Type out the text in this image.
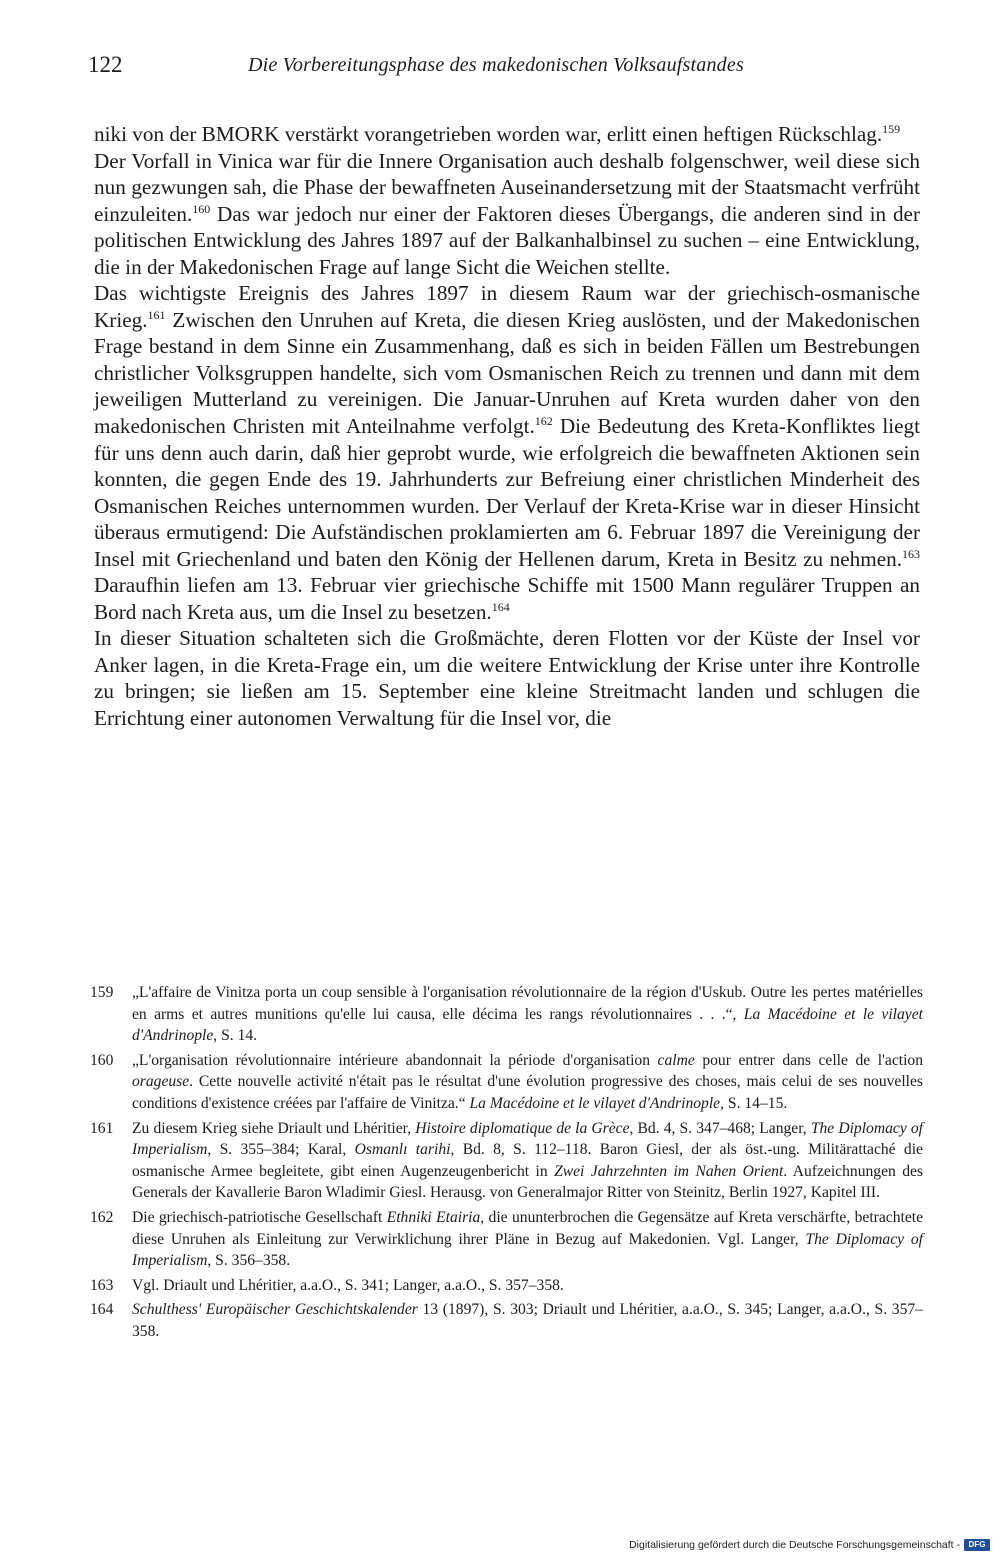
122	Die Vorbereitungsphase des makedonischen Volksaufstandes

niki von der BMORK verstärkt vorangetrieben worden war, erlitt einen heftigen Rückschlag.$^{159}$

Der Vorfall in Vinica war für die Innere Organisation auch deshalb folgenschwer, weil diese sich nun gezwungen sah, die Phase der bewaffneten Auseinandersetzung mit der Staatsmacht verfrüht einzuleiten.$^{160}$ Das war jedoch nur einer der Faktoren dieses Übergangs, die anderen sind in der politischen Entwicklung des Jahres 1897 auf der Balkanhalbinsel zu suchen – eine Entwicklung, die in der Makedonischen Frage auf lange Sicht die Weichen stellte.

Das wichtigste Ereignis des Jahres 1897 in diesem Raum war der griechisch-osmanische Krieg.$^{161}$ Zwischen den Unruhen auf Kreta, die diesen Krieg auslösten, und der Makedonischen Frage bestand in dem Sinne ein Zusammenhang, daß es sich in beiden Fällen um Bestrebungen christlicher Volksgruppen handelte, sich vom Osmanischen Reich zu trennen und dann mit dem jeweiligen Mutterland zu vereinigen. Die Januar-Unruhen auf Kreta wurden daher von den makedonischen Christen mit Anteilnahme verfolgt.$^{162}$ Die Bedeutung des Kreta-Konfliktes liegt für uns denn auch darin, daß hier geprobt wurde, wie erfolgreich die bewaffneten Aktionen sein konnten, die gegen Ende des 19. Jahrhunderts zur Befreiung einer christlichen Minderheit des Osmanischen Reiches unternommen wurden. Der Verlauf der Kreta-Krise war in dieser Hinsicht überaus ermutigend: Die Aufständischen proklamierten am 6. Februar 1897 die Vereinigung der Insel mit Griechenland und baten den König der Hellenen darum, Kreta in Besitz zu nehmen.$^{163}$ Daraufhin liefen am 13. Februar vier griechische Schiffe mit 1500 Mann regulärer Truppen an Bord nach Kreta aus, um die Insel zu besetzen.$^{164}$

In dieser Situation schalteten sich die Großmächte, deren Flotten vor der Küste der Insel vor Anker lagen, in die Kreta-Frage ein, um die weitere Entwicklung der Krise unter ihre Kontrolle zu bringen; sie ließen am 15. September eine kleine Streitmacht landen und schlugen die Errichtung einer autonomen Verwaltung für die Insel vor, die

159 „L'affaire de Vinitza porta un coup sensible à l'organisation révolutionnaire de la région d'Uskub. Outre les pertes matérielles en arms et autres munitions qu'elle lui causa, elle décima les rangs révolutionnaires . . .“, La Macédoine et le vilayet d'Andrinople, S. 14.
160 „L'organisation révolutionnaire intérieure abandonnait la période d'organisation calme pour entrer dans celle de l'action orageuse. Cette nouvelle activité n'était pas le résultat d'une évolution progressive des choses, mais celui de ses nouvelles conditions d'existence créées par l'affaire de Vinitza.“ La Macédoine et le vilayet d'Andrinople, S. 14–15.
161 Zu diesem Krieg siehe Driault und Lhéritier, Histoire diplomatique de la Grèce, Bd. 4, S. 347–468; Langer, The Diplomacy of Imperialism, S. 355–384; Karal, Osmanlı tarihi, Bd. 8, S. 112–118. Baron Giesl, der als öst.-ung. Militärattaché die osmanische Armee begleitete, gibt einen Augenzeugenbericht in Zwei Jahrzehnten im Nahen Orient. Aufzeichnungen des Generals der Kavallerie Baron Wladimir Giesl. Herausg. von Generalmajor Ritter von Steinitz, Berlin 1927, Kapitel III.
162 Die griechisch-patriotische Gesellschaft Ethniki Etairia, die ununterbrochen die Gegensätze auf Kreta verschärfte, betrachtete diese Unruhen als Einleitung zur Verwirklichung ihrer Pläne in Bezug auf Makedonien. Vgl. Langer, The Diplomacy of Imperialism, S. 356–358.
163 Vgl. Driault und Lhéritier, a.a.O., S. 341; Langer, a.a.O., S. 357–358.
164 Schulthess' Europäischer Geschichtskalender 13 (1897), S. 303; Driault und Lhéritier, a.a.O., S. 345; Langer, a.a.O., S. 357–358.
Digitalisierung gefördert durch die Deutsche Forschungsgemeinschaft -	DFG
